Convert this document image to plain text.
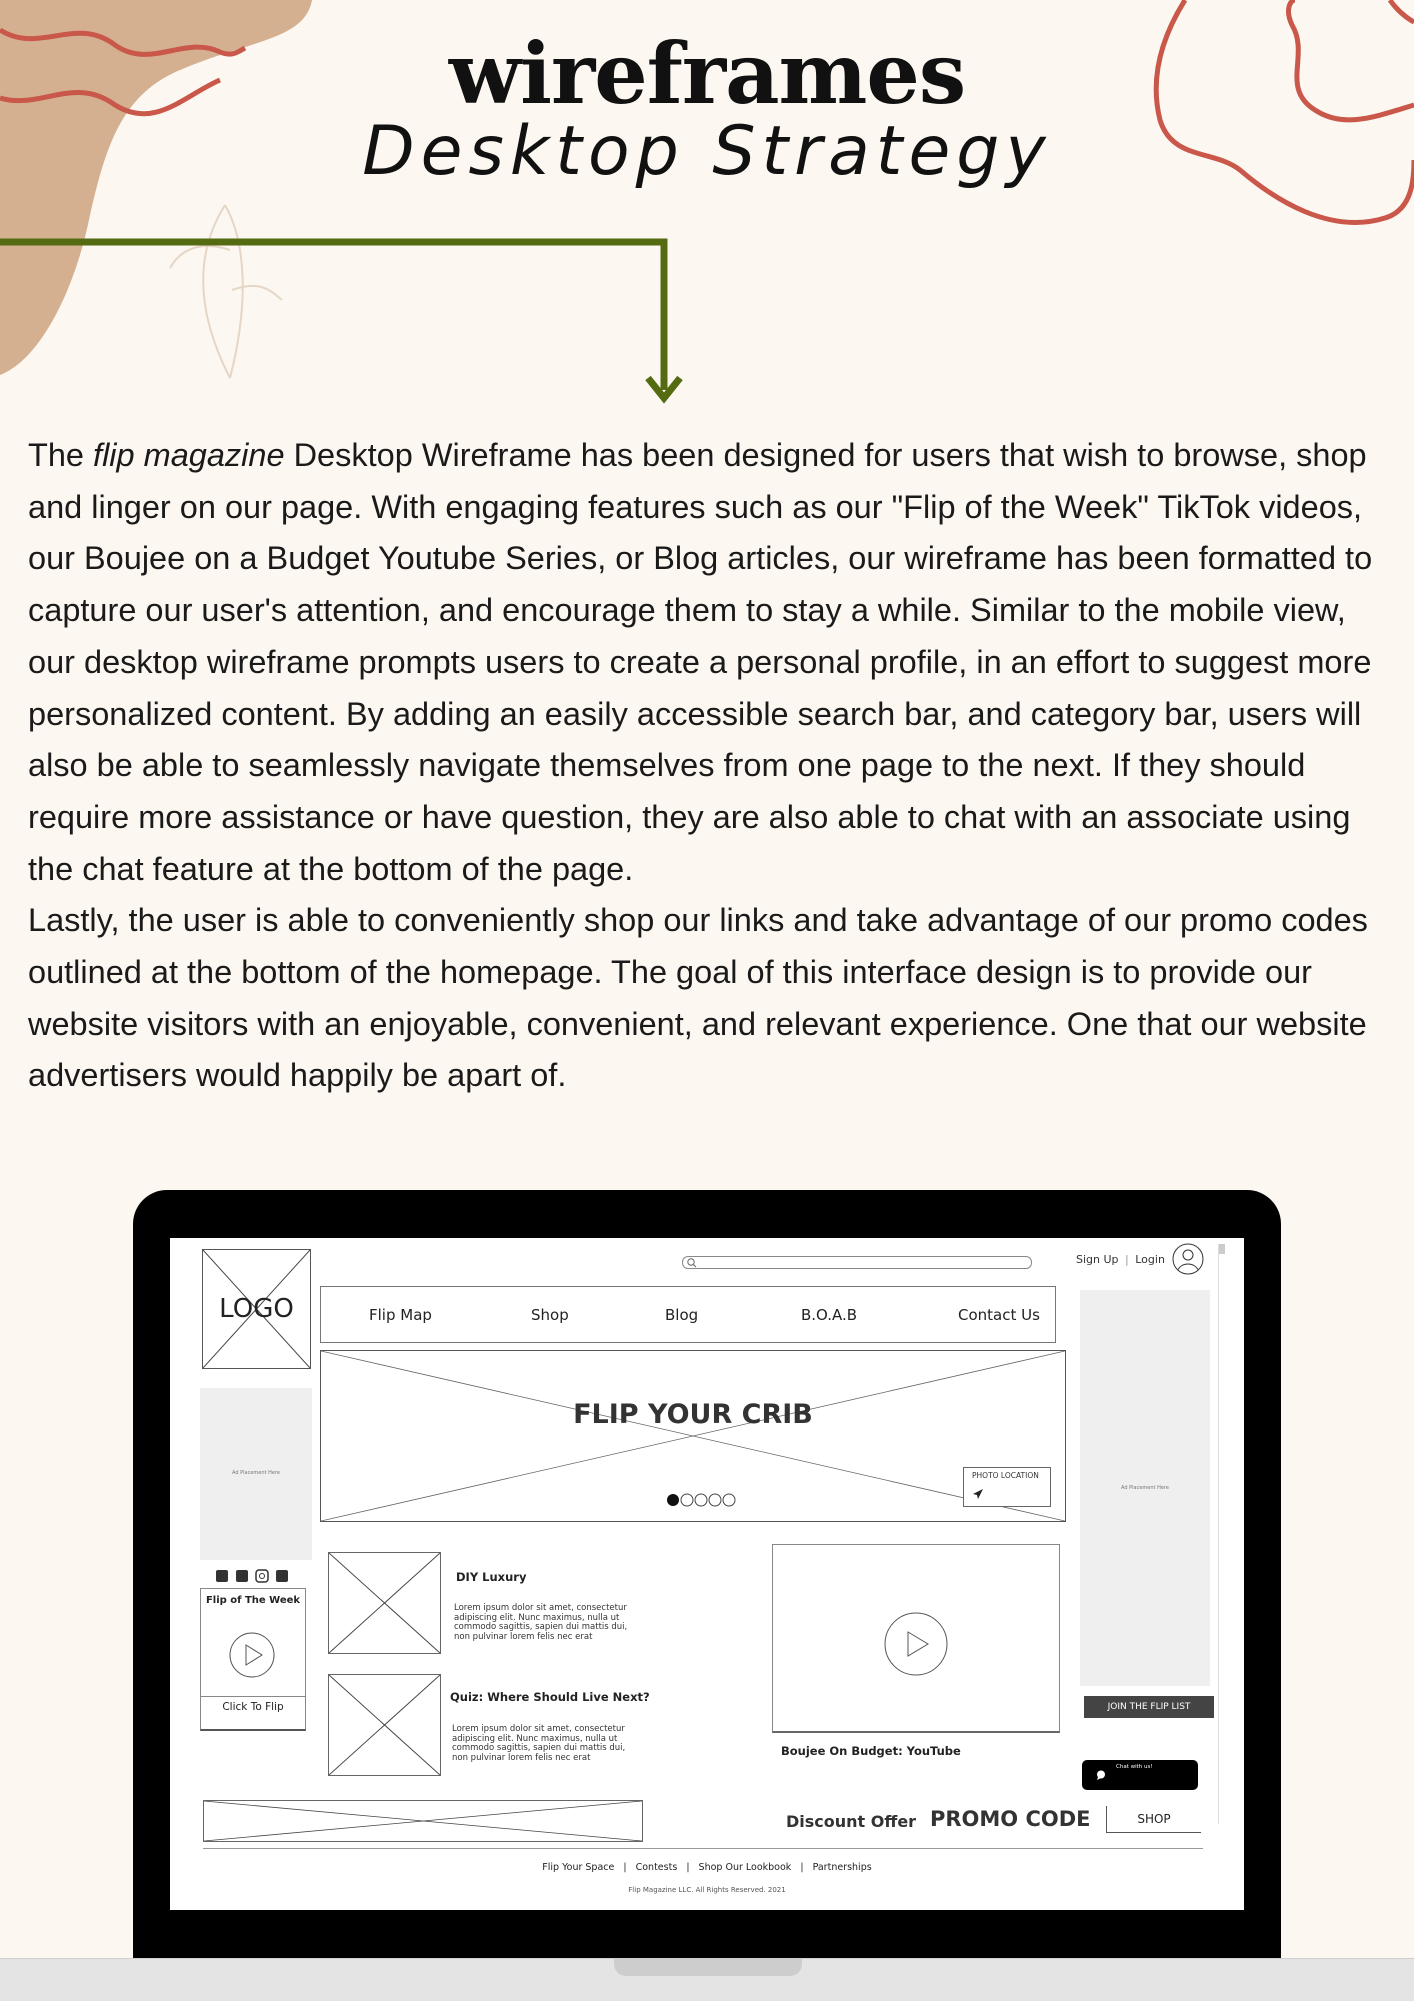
wireframes
Desktop Strategy

The flip magazine Desktop Wireframe has been designed for users that wish to browse, shop and linger on our page. With engaging features such as our "Flip of the Week" TikTok videos, our Boujee on a Budget Youtube Series, or Blog articles, our wireframe has been formatted to capture our user's attention, and encourage them to stay a while. Similar to the mobile view, our desktop wireframe prompts users to create a personal profile, in an effort to suggest more personalized content. By adding an easily accessible search bar, and category bar, users will also be able to seamlessly navigate themselves from one page to the next. If they should require more assistance or have question, they are also able to chat with an associate using the chat feature at the bottom of the page.

Lastly, the user is able to conveniently shop our links and take advantage of our promo codes outlined at the bottom of the homepage. The goal of this interface design is to provide our website visitors with an enjoyable, convenient, and relevant experience. One that our website advertisers would happily be apart of.

LOGO
Sign Up | Login
Flip Map	Shop	Blog	B.O.A.B	Contact Us
Ad Placement Here
FLIP YOUR CRIB
PHOTO LOCATION
Flip of The Week
Click To Flip
DIY Luxury
Lorem ipsum dolor sit amet, consectetur adipiscing elit. Nunc maximus, nulla ut commodo sagittis, sapien dui mattis dui, non pulvinar lorem felis nec erat
Quiz: Where Should Live Next?
Lorem ipsum dolor sit amet, consectetur adipiscing elit. Nunc maximus, nulla ut commodo sagittis, sapien dui mattis dui, non pulvinar lorem felis nec erat	Boujee On Budget: YouTube
Ad Placement Here
JOIN THE FLIP LIST
Chat with us!
Discount Offer PROMO CODE	SHOP
Flip Your Space | Contests | Shop Our Lookbook | Partnerships
Flip Magazine LLC. All Rights Reserved. 2021
